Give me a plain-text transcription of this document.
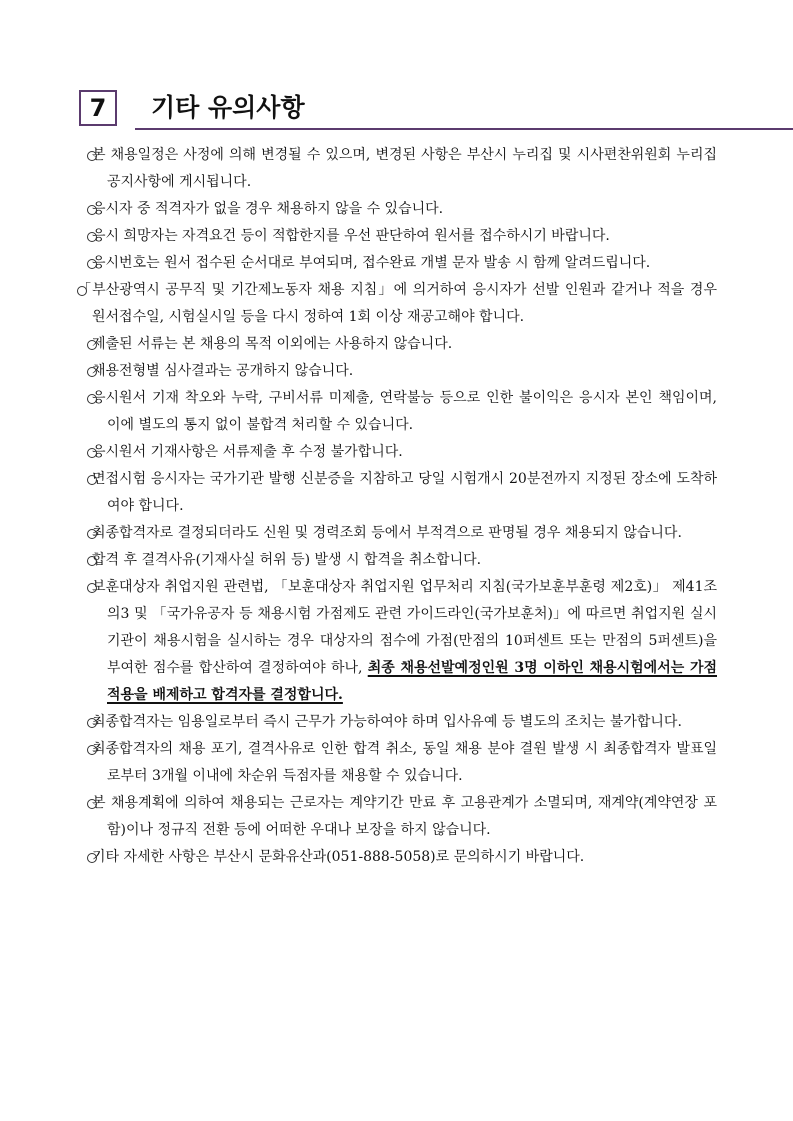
7	기타 유의사항
본 채용일정은 사정에 의해 변경될 수 있으며, 변경된 사항은 부산시 누리집 및 시사편찬위원회 누리집 공지사항에 게시됩니다.
응시자 중 적격자가 없을 경우 채용하지 않을 수 있습니다.
응시 희망자는 자격요건 등이 적합한지를 우선 판단하여 원서를 접수하시기 바랍니다.
응시번호는 원서 접수된 순서대로 부여되며, 접수완료 개별 문자 발송 시 함께 알려드립니다.
「부산광역시 공무직 및 기간제노동자 채용 지침」에 의거하여 응시자가 선발 인원과 같거나 적을 경우 원서접수일, 시험실시일 등을 다시 정하여 1회 이상 재공고해야 합니다.
제출된 서류는 본 채용의 목적 이외에는 사용하지 않습니다.
채용전형별 심사결과는 공개하지 않습니다.
응시원서 기재 착오와 누락, 구비서류 미제출, 연락불능 등으로 인한 불이익은 응시자 본인 책임이며, 이에 별도의 통지 없이 불합격 처리할 수 있습니다.
응시원서 기재사항은 서류제출 후 수정 불가합니다.
면접시험 응시자는 국가기관 발행 신분증을 지참하고 당일 시험개시 20분전까지 지정된 장소에 도착하여야 합니다.
최종합격자로 결정되더라도 신원 및 경력조회 등에서 부적격으로 판명될 경우 채용되지 않습니다.
합격 후 결격사유(기재사실 허위 등) 발생 시 합격을 취소합니다.
보훈대상자 취업지원 관련법, 「보훈대상자 취업지원 업무처리 지침(국가보훈부훈령 제2호)」 제41조의3 및 「국가유공자 등 채용시험 가점제도 관련 가이드라인(국가보훈처)」에 따르면 취업지원 실시기관이 채용시험을 실시하는 경우 대상자의 점수에 가점(만점의 10퍼센트 또는 만점의 5퍼센트)을 부여한 점수를 합산하여 결정하여야 하나, 최종 채용선발예정인원 3명 이하인 채용시험에서는 가점 적용을 배제하고 합격자를 결정합니다.
최종합격자는 임용일로부터 즉시 근무가 가능하여야 하며 입사유예 등 별도의 조치는 불가합니다.
최종합격자의 채용 포기, 결격사유로 인한 합격 취소, 동일 채용 분야 결원 발생 시 최종합격자 발표일로부터 3개월 이내에 차순위 득점자를 채용할 수 있습니다.
본 채용계획에 의하여 채용되는 근로자는 계약기간 만료 후 고용관계가 소멸되며, 재계약(계약연장 포함)이나 정규직 전환 등에 어떠한 우대나 보장을 하지 않습니다.
기타 자세한 사항은 부산시 문화유산과(051-888-5058)로 문의하시기 바랍니다.
